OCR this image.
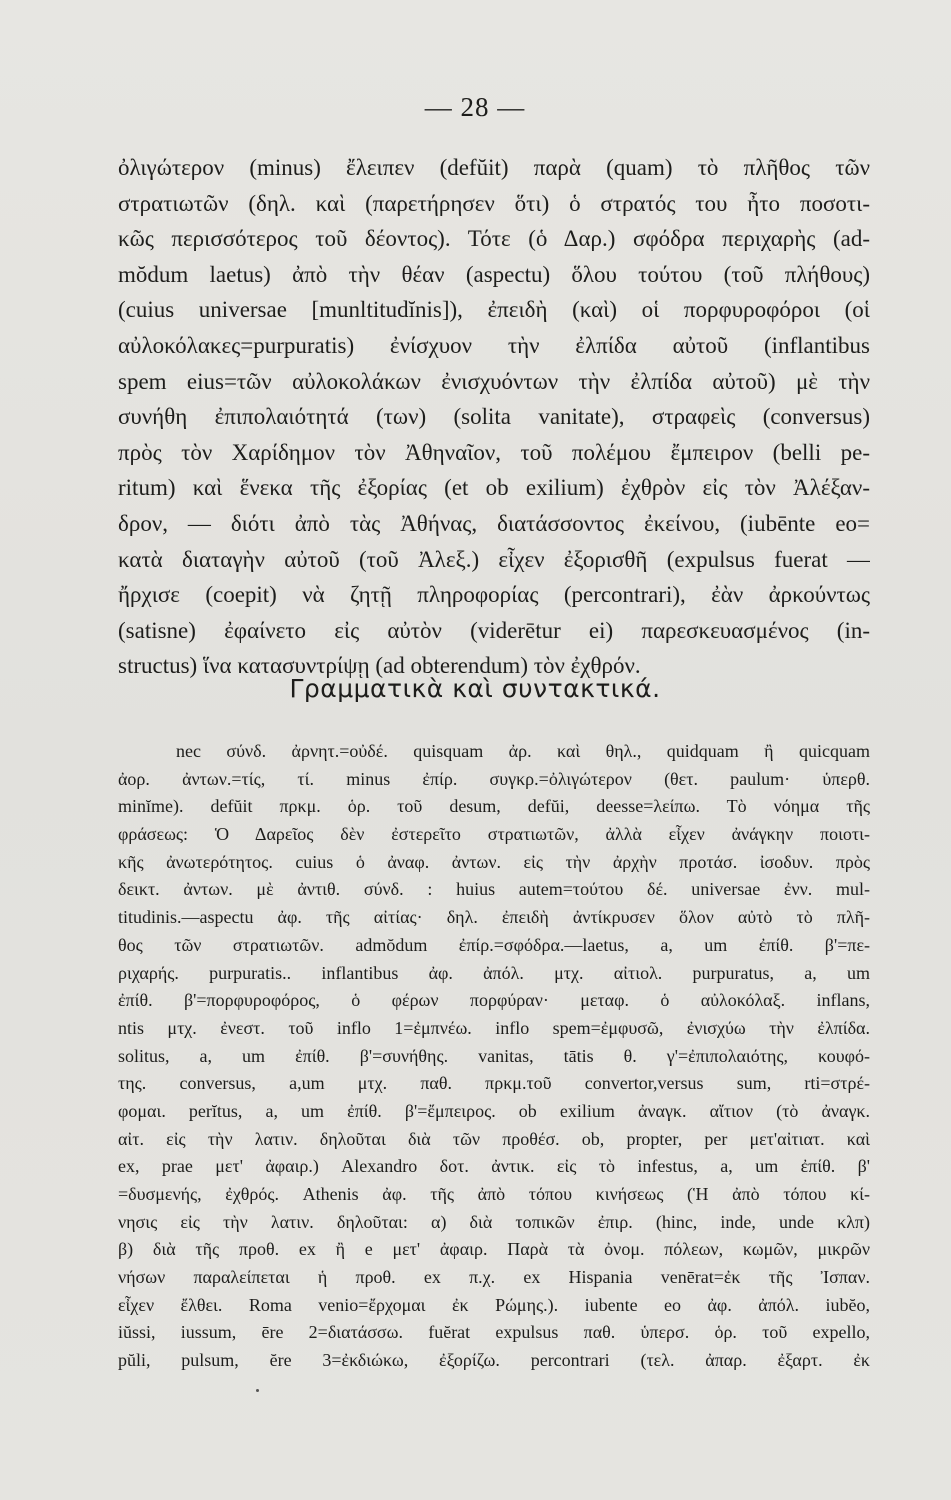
— 28 —
ὀλιγώτερον (minus) ἔλειπεν (defŭit) παρὰ (quam) τὸ πλῆθος τῶν
στρατιωτῶν (δηλ. καὶ (παρετήρησεν ὅτι) ὁ στρατός του ἦτο ποσοτι-
κῶς περισσότερος τοῦ δέοντος). Τότε (ὁ Δαρ.) σφόδρα περιχαρὴς (ad-
mŏdum laetus) ἀπὸ τὴν θέαν (aspectu) ὅλου τούτου (τοῦ πλήθους)
(cuius universae [munltitudĭnis]), ἐπειδὴ (καὶ) οἱ πορφυροφόροι (οἱ
αὐλοκόλακες=purpuratis) ἐνίσχυον τὴν ἐλπίδα αὐτοῦ (inflantibus
spem eius=τῶν αὐλοκολάκων ἐνισχυόντων τὴν ἐλπίδα αὐτοῦ) μὲ τὴν
συνήθη ἐπιπολαιότητά (των) (solita vanitate), στραφεὶς (conversus)
πρὸς τὸν Χαρίδημον τὸν Ἀθηναῖον, τοῦ πολέμου ἔμπειρον (belli pe-
ritum) καὶ ἕνεκα τῆς ἐξορίας (et ob exilium) ἐχθρὸν εἰς τὸν Ἀλέξαν-
δρον, — διότι ἀπὸ τὰς Ἀθήνας, διατάσσοντος ἐκείνου, (iubēnte eo=
κατὰ διαταγὴν αὐτοῦ (τοῦ Ἀλεξ.) εἶχεν ἐξορισθῆ (expulsus fuerat —
ἤρχισε (coepit) νὰ ζητῇ πληροφορίας (percontrari), ἐὰν ἀρκούντως
(satisne) ἐφαίνετο εἰς αὐτὸν (viderētur ei) παρεσκευασμένος (in-
structus) ἵνα κατασυντρίψῃ (ad obterendum) τὸν ἐχθρόν.
Γραμματικὰ καὶ συντακτικά.
nec σύνδ. ἀρνητ.=οὐδέ. quisquam ἀρ. καὶ θηλ., quidquam ἢ quicquam
ἀορ. ἀντων.=τίς, τί. minus ἐπίρ. συγκρ.=ὀλιγώτερον (θετ. paulum· ὑπερθ.
minĭme). defŭit πρκμ. ὁρ. τοῦ desum, defŭi, deesse=λείπω. Τὸ νόημα τῆς
φράσεως: Ὁ Δαρεῖος δὲν ἐστερεῖτο στρατιωτῶν, ἀλλὰ εἶχεν ἀνάγκην ποιοτι-
κῆς ἀνωτερότητος. cuius ὁ ἀναφ. ἀντων. εἰς τὴν ἀρχὴν προτάσ. ἰσοδυν. πρὸς
δεικτ. ἀντων. μὲ ἀντιθ. σύνδ. : huius autem=τούτου δέ. universae ἐνν. mul-
titudinis.—aspectu ἀφ. τῆς αἰτίας· δηλ. ἐπειδὴ ἀντίκρυσεν ὅλον αὐτὸ τὸ πλῆ-
θος τῶν στρατιωτῶν. admŏdum ἐπίρ.=σφόδρα.—laetus, a, um ἐπίθ. β'=πε-
ριχαρής. purpuratis.. inflantibus ἀφ. ἀπόλ. μτχ. αἰτιολ. purpuratus, a, um
ἐπίθ. β'=πορφυροφόρος, ὁ φέρων πορφύραν· μεταφ. ὁ αὐλοκόλαξ. inflans,
ntis μτχ. ἐνεστ. τοῦ inflo 1=ἐμπνέω. inflo spem=ἐμφυσῶ, ἐνισχύω τὴν ἐλπίδα.
solitus, a, um ἐπίθ. β'=συνήθης. vanitas, tātis θ. γ'=ἐπιπολαιότης, κουφό-
της. conversus, a,um μτχ. παθ. πρκμ.τοῦ convertor,versus sum, rti=στρέ-
φομαι. perĭtus, a, um ἐπίθ. β'=ἔμπειρος. ob exilium ἀναγκ. αἴτιον (τὸ ἀναγκ.
αἰτ. εἰς τὴν λατιν. δηλοῦται διὰ τῶν προθέσ. ob, propter, per μετ'αἰτιατ. καὶ
ex, prae μετ' ἀφαιρ.) Alexandro δοτ. ἀντικ. εἰς τὸ infestus, a, um ἐπίθ. β'
=δυσμενής, ἐχθρός. Athenis ἀφ. τῆς ἀπὸ τόπου κινήσεως (Ἡ ἀπὸ τόπου κί-
νησις εἰς τὴν λατιν. δηλοῦται: α) διὰ τοπικῶν ἐπιρ. (hinc, inde, unde κλπ)
β) διὰ τῆς προθ. ex ἢ e μετ' ἀφαιρ. Παρὰ τὰ ὀνομ. πόλεων, κωμῶν, μικρῶν
νήσων παραλείπεται ἡ προθ. ex π.χ. ex Hispania venērat=ἐκ τῆς Ἰσπαν.
εἶχεν ἔλθει. Roma venio=ἔρχομαι ἐκ Ρώμης.). iubente eo ἀφ. ἀπόλ. iubĕo,
iŭssi, iussum, ēre 2=διατάσσω. fuĕrat expulsus παθ. ὑπερσ. ὁρ. τοῦ expello,
pŭli, pulsum, ĕre 3=ἐκδιώκω, ἐξορίζω. percontrari (τελ. ἀπαρ. ἐξαρτ. ἐκ
